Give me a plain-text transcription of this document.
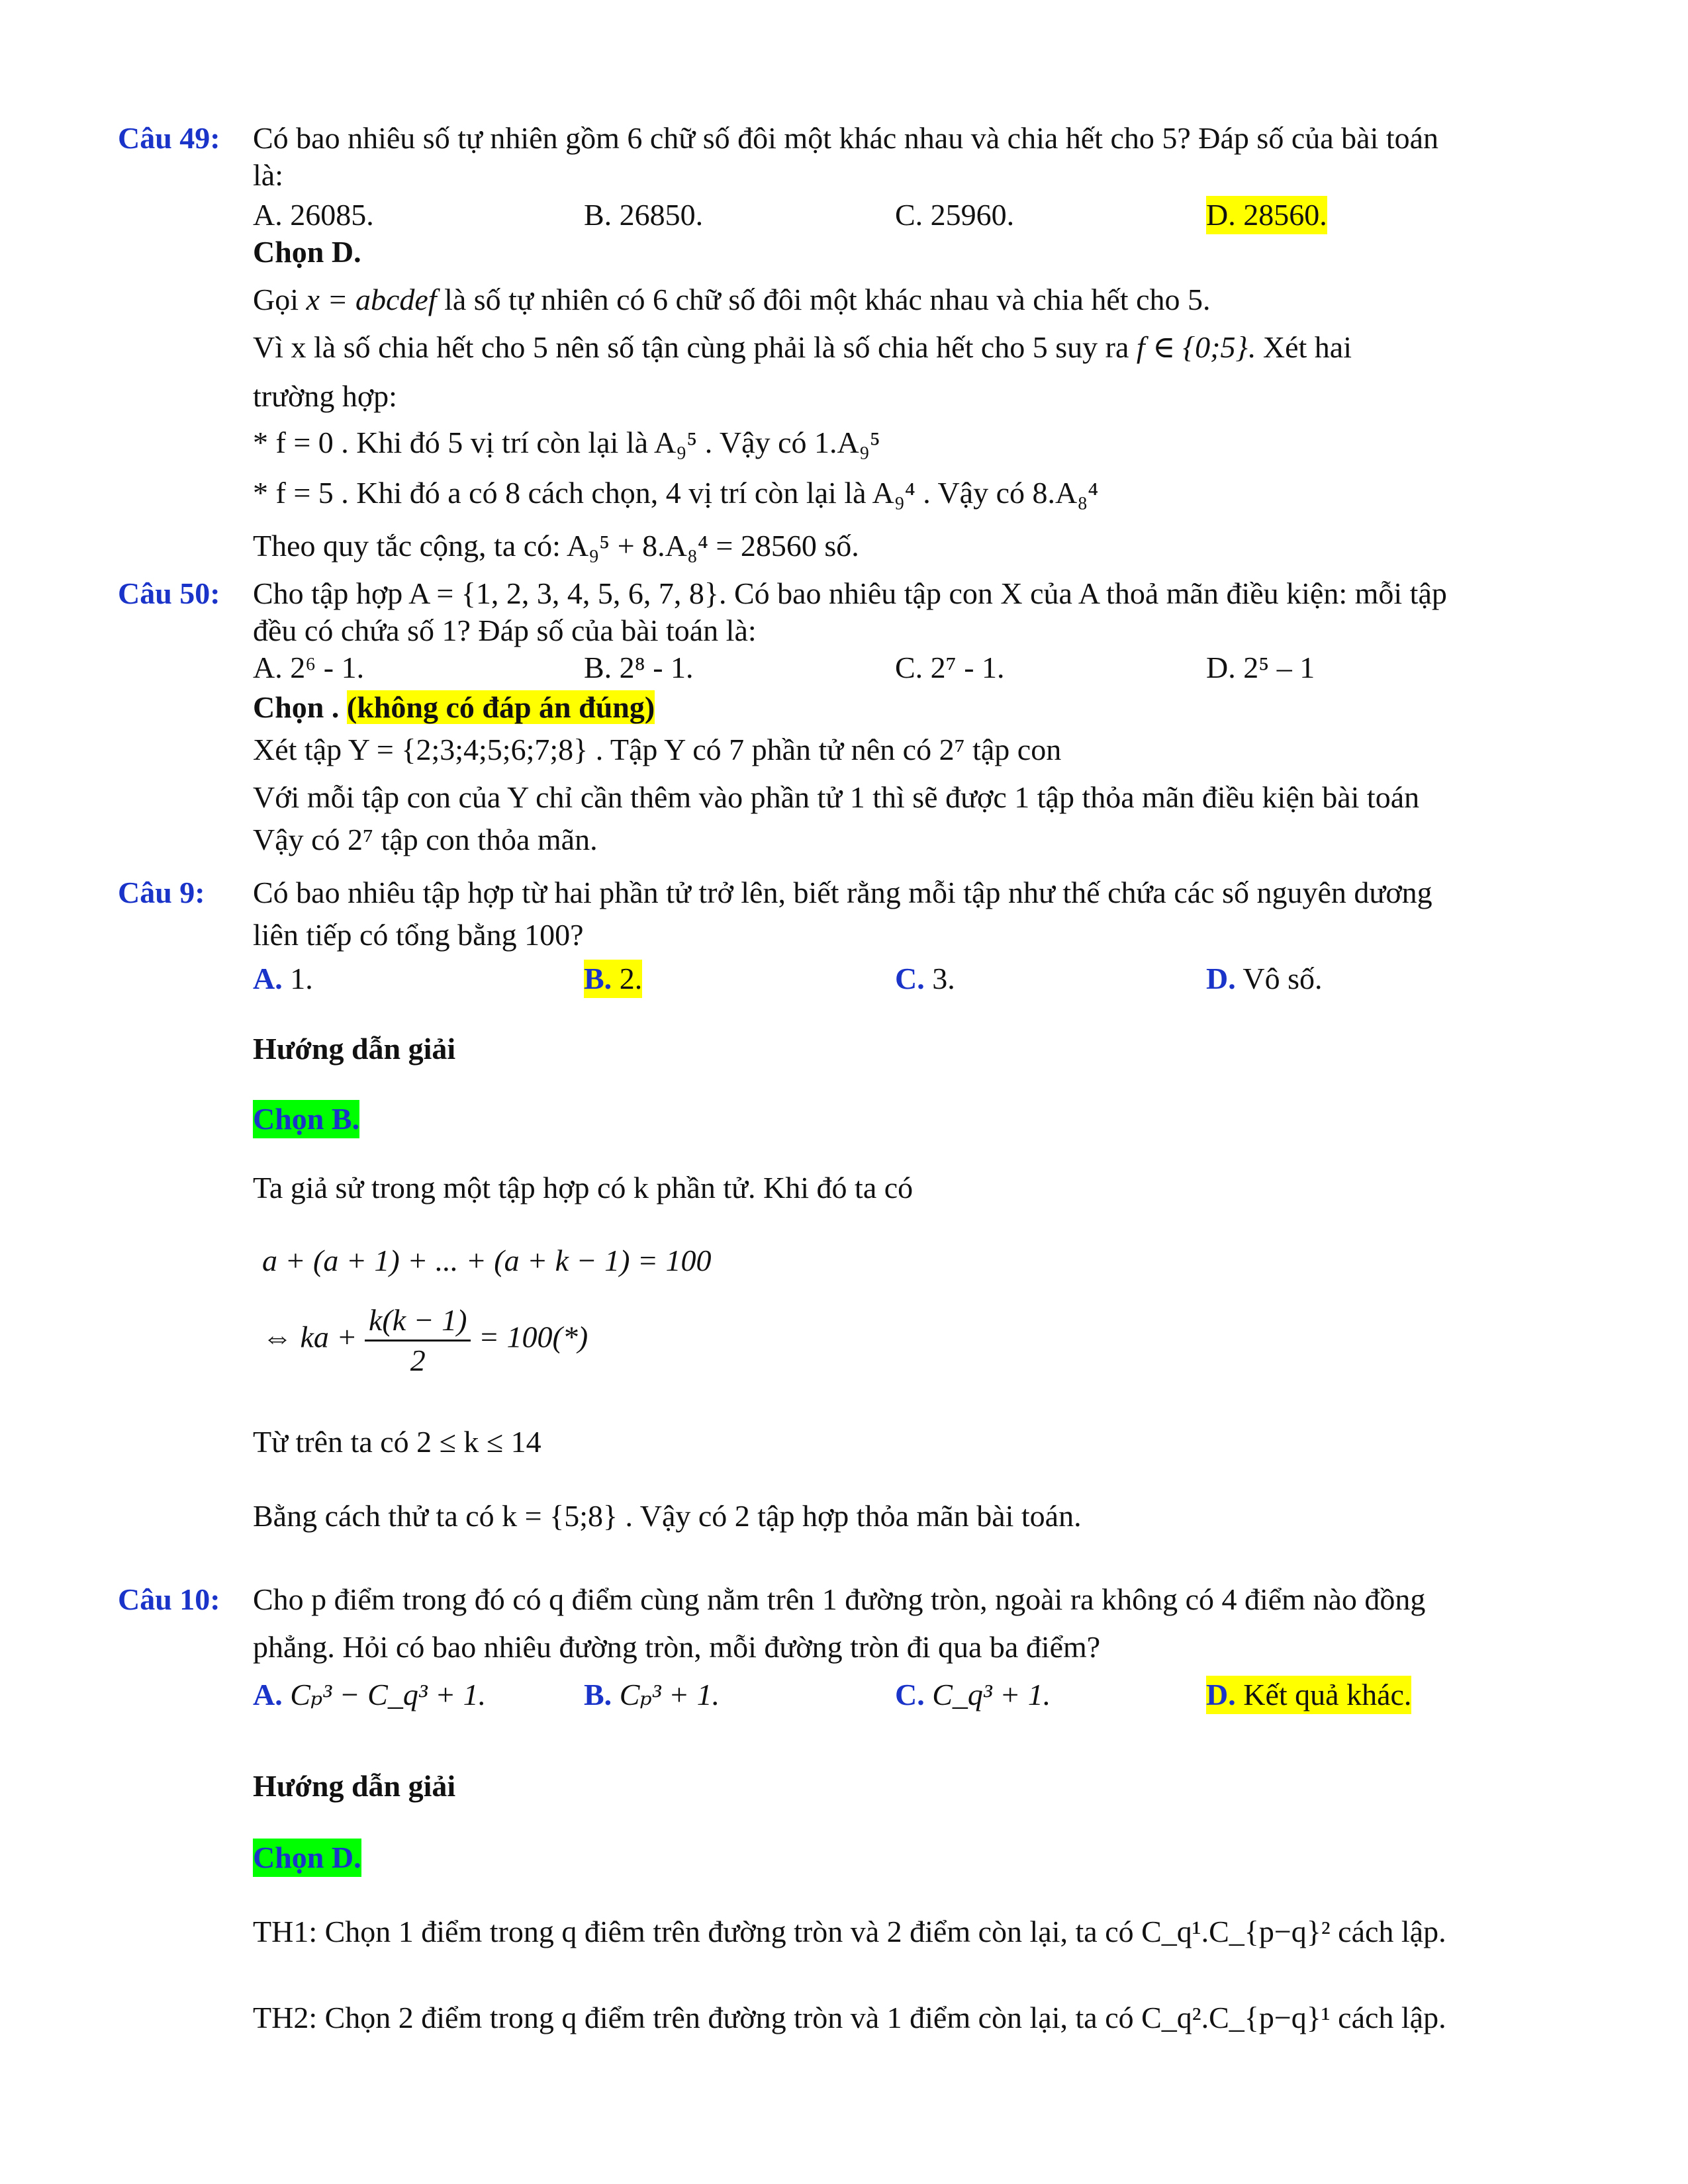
Câu 49: Có bao nhiêu số tự nhiên gồm 6 chữ số đôi một khác nhau và chia hết cho 5? Đáp số của bài toán
là:
A. 26085.	B. 26850.	C. 25960.	D. 28560.
Chọn D.
Gọi x = abcdef là số tự nhiên có 6 chữ số đôi một khác nhau và chia hết cho 5.
Vì x là số chia hết cho 5 nên số tận cùng phải là số chia hết cho 5 suy ra f ∈ {0;5}. Xét hai
trường hợp:
* f = 0 . Khi đó 5 vị trí còn lại là A₉⁵ . Vậy có 1.A₉⁵
* f = 5 . Khi đó a có 8 cách chọn, 4 vị trí còn lại là A₉⁴ . Vậy có 8.A₈⁴
Theo quy tắc cộng, ta có: A₉⁵ + 8.A₈⁴ = 28560 số.
Câu 50: Cho tập hợp A = {1, 2, 3, 4, 5, 6, 7, 8}. Có bao nhiêu tập con X của A thoả mãn điều kiện: mỗi tập
đều có chứa số 1? Đáp số của bài toán là:
A. 2⁶ - 1.	B. 2⁸ - 1.	C. 2⁷ - 1.	D. 2⁵ – 1
Chọn . (không có đáp án đúng)
Xét tập Y = {2;3;4;5;6;7;8} . Tập Y có 7 phần tử nên có 2⁷ tập con
Với mỗi tập con của Y chỉ cần thêm vào phần tử 1 thì sẽ được 1 tập thỏa mãn điều kiện bài toán
Vậy có 2⁷ tập con thỏa mãn.
Câu 9: Có bao nhiêu tập hợp từ hai phần tử trở lên, biết rằng mỗi tập như thế chứa các số nguyên dương
liên tiếp có tổng bằng 100?
A. 1.	B. 2.	C. 3.	D. Vô số.
Hướng dẫn giải
Chọn B.
Ta giả sử trong một tập hợp có k phần tử. Khi đó ta có
a + (a + 1) + ... + (a + k − 1) = 100
⇔ ka + $\frac{k(k - 1)}{2} = 100(*)$
Từ trên ta có 2 ≤ k ≤ 14
Bằng cách thử ta có k = {5;8} . Vậy có 2 tập hợp thỏa mãn bài toán.
Câu 10: Cho p điểm trong đó có q điểm cùng nằm trên 1 đường tròn, ngoài ra không có 4 điểm nào đồng
phẳng. Hỏi có bao nhiêu đường tròn, mỗi đường tròn đi qua ba điểm?
A. Cₚ³ − C_q³ + 1.	B. Cₚ³ + 1.	C. C_q³ + 1.	D. Kết quả khác.
Hướng dẫn giải
Chọn D.
TH1: Chọn 1 điểm trong q điêm trên đường tròn và 2 điểm còn lại, ta có C_q¹.C_{p−q}² cách lập.
TH2: Chọn 2 điểm trong q điểm trên đường tròn và 1 điểm còn lại, ta có C_q².C_{p−q}¹ cách lập.
